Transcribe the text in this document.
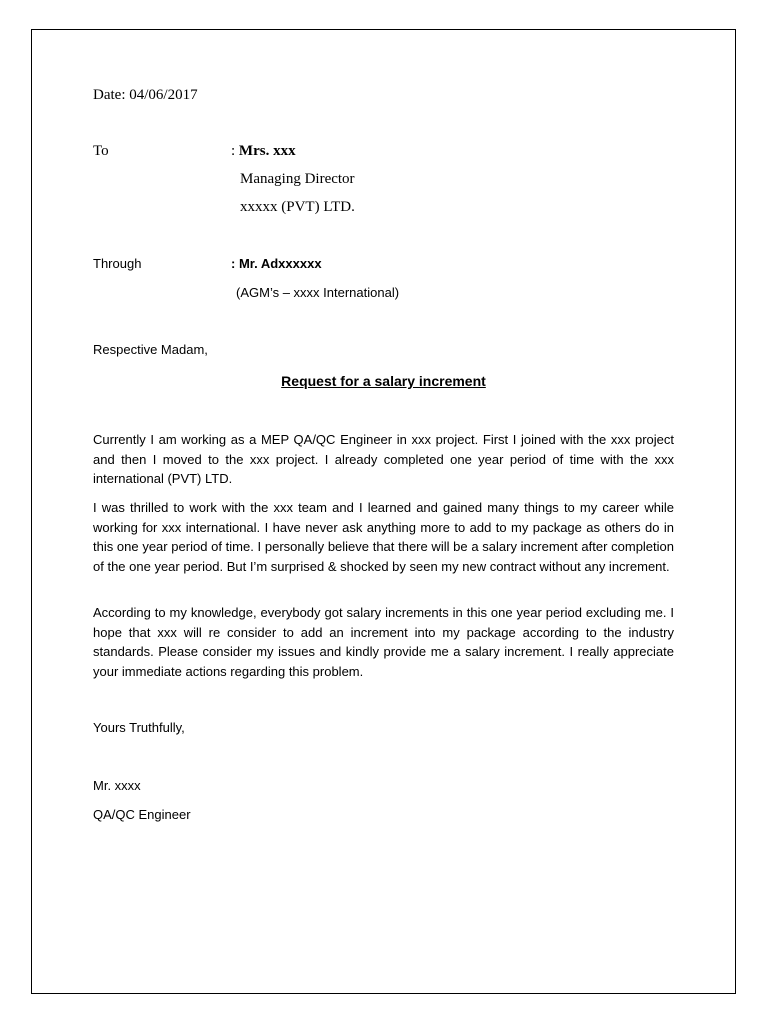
Date: 04/06/2017

To	: Mrs. xxx

Managing Director

xxxxx (PVT) LTD.

Through	: Mr. Adxxxxxx

(AGM’s – xxxx International)

Respective Madam,

Request for a salary increment

Currently I am working as a MEP QA/QC Engineer in xxx project. First I joined with the xxx project and then I moved to the xxx project. I already completed one year period of time with the xxx international (PVT) LTD.

I was thrilled to work with the xxx team and I learned and gained many things to my career while working for xxx international. I have never ask anything more to add to my package as others do in this one year period of time. I personally believe that there will be a salary increment after completion of the one year period. But I’m surprised & shocked by seen my new contract without any increment.

According to my knowledge, everybody got salary increments in this one year period excluding me. I hope that xxx will re consider to add an increment into my package according to the industry standards. Please consider my issues and kindly provide me a salary increment. I really appreciate your immediate actions regarding this problem.

Yours Truthfully,

Mr. xxxx

QA/QC Engineer
